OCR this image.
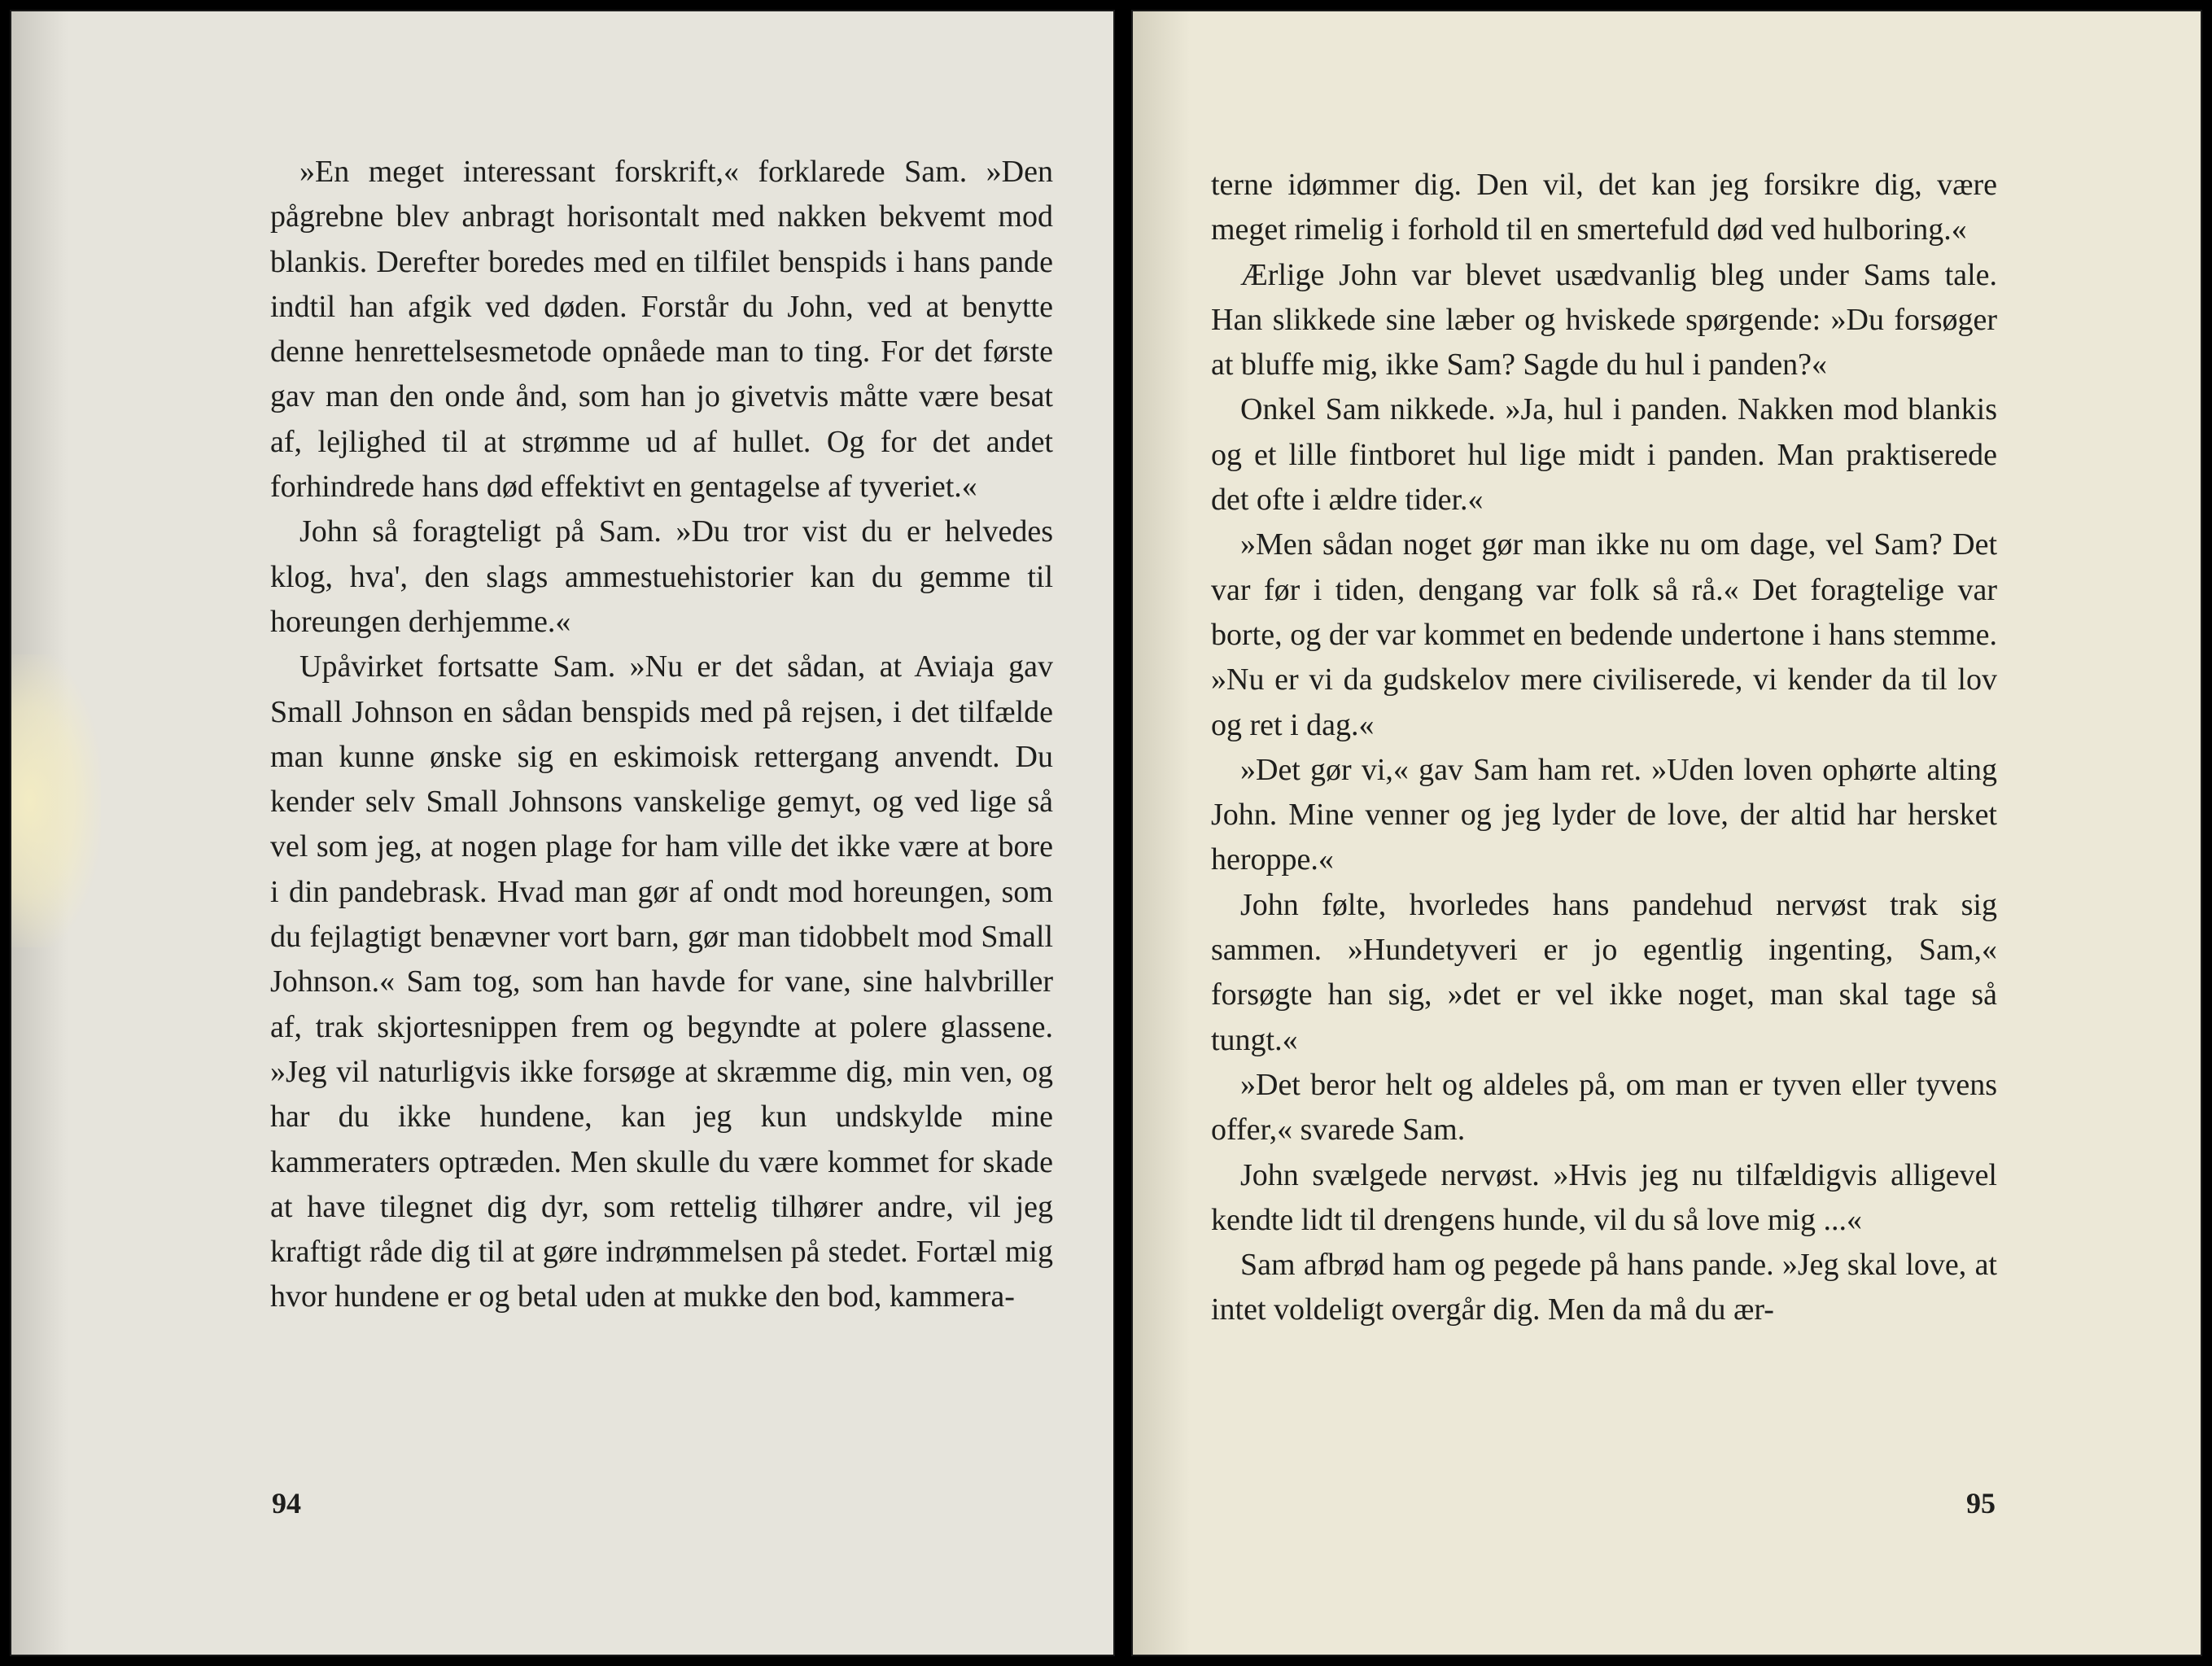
»En meget interessant forskrift,« forklarede Sam. »Den pågrebne blev anbragt horisontalt med nakken bekvemt mod blankis. Derefter boredes med en tilfilet benspids i hans pande indtil han afgik ved døden. Forstår du John, ved at benytte denne henrettelsesmetode opnåede man to ting. For det første gav man den onde ånd, som han jo givetvis måtte være besat af, lejlighed til at strømme ud af hullet. Og for det andet forhindrede hans død effektivt en gentagelse af tyveriet.«

John så foragteligt på Sam. »Du tror vist du er helvedes klog, hva', den slags ammestuehistorier kan du gemme til horeungen derhjemme.«

Upåvirket fortsatte Sam. »Nu er det sådan, at Aviaja gav Small Johnson en sådan benspids med på rejsen, i det tilfælde man kunne ønske sig en eskimoisk rettergang anvendt. Du kender selv Small Johnsons vanskelige gemyt, og ved lige så vel som jeg, at nogen plage for ham ville det ikke være at bore i din pandebrask. Hvad man gør af ondt mod horeungen, som du fejlagtigt benævner vort barn, gør man tidobbelt mod Small Johnson.« Sam tog, som han havde for vane, sine halvbriller af, trak skjortesnippen frem og begyndte at polere glassene. »Jeg vil naturligvis ikke forsøge at skræmme dig, min ven, og har du ikke hundene, kan jeg kun undskylde mine kammeraters optræden. Men skulle du være kommet for skade at have tilegnet dig dyr, som rettelig tilhører andre, vil jeg kraftigt råde dig til at gøre indrømmelsen på stedet. Fortæl mig hvor hundene er og betal uden at mukke den bod, kammera-

94

terne idømmer dig. Den vil, det kan jeg forsikre dig, være meget rimelig i forhold til en smertefuld død ved hulboring.«

Ærlige John var blevet usædvanlig bleg under Sams tale. Han slikkede sine læber og hviskede spørgende: »Du forsøger at bluffe mig, ikke Sam? Sagde du hul i panden?«

Onkel Sam nikkede. »Ja, hul i panden. Nakken mod blankis og et lille fintboret hul lige midt i panden. Man praktiserede det ofte i ældre tider.«

»Men sådan noget gør man ikke nu om dage, vel Sam? Det var før i tiden, dengang var folk så rå.« Det foragtelige var borte, og der var kommet en bedende undertone i hans stemme. »Nu er vi da gudskelov mere civiliserede, vi kender da til lov og ret i dag.«

»Det gør vi,« gav Sam ham ret. »Uden loven ophørte alting John. Mine venner og jeg lyder de love, der altid har hersket heroppe.«

John følte, hvorledes hans pandehud nervøst trak sig sammen. »Hundetyveri er jo egentlig ingenting, Sam,« forsøgte han sig, »det er vel ikke noget, man skal tage så tungt.«

»Det beror helt og aldeles på, om man er tyven eller tyvens offer,« svarede Sam.

John svælgede nervøst. »Hvis jeg nu tilfældigvis alligevel kendte lidt til drengens hunde, vil du så love mig ...«

Sam afbrød ham og pegede på hans pande. »Jeg skal love, at intet voldeligt overgår dig. Men da må du ær-

95
